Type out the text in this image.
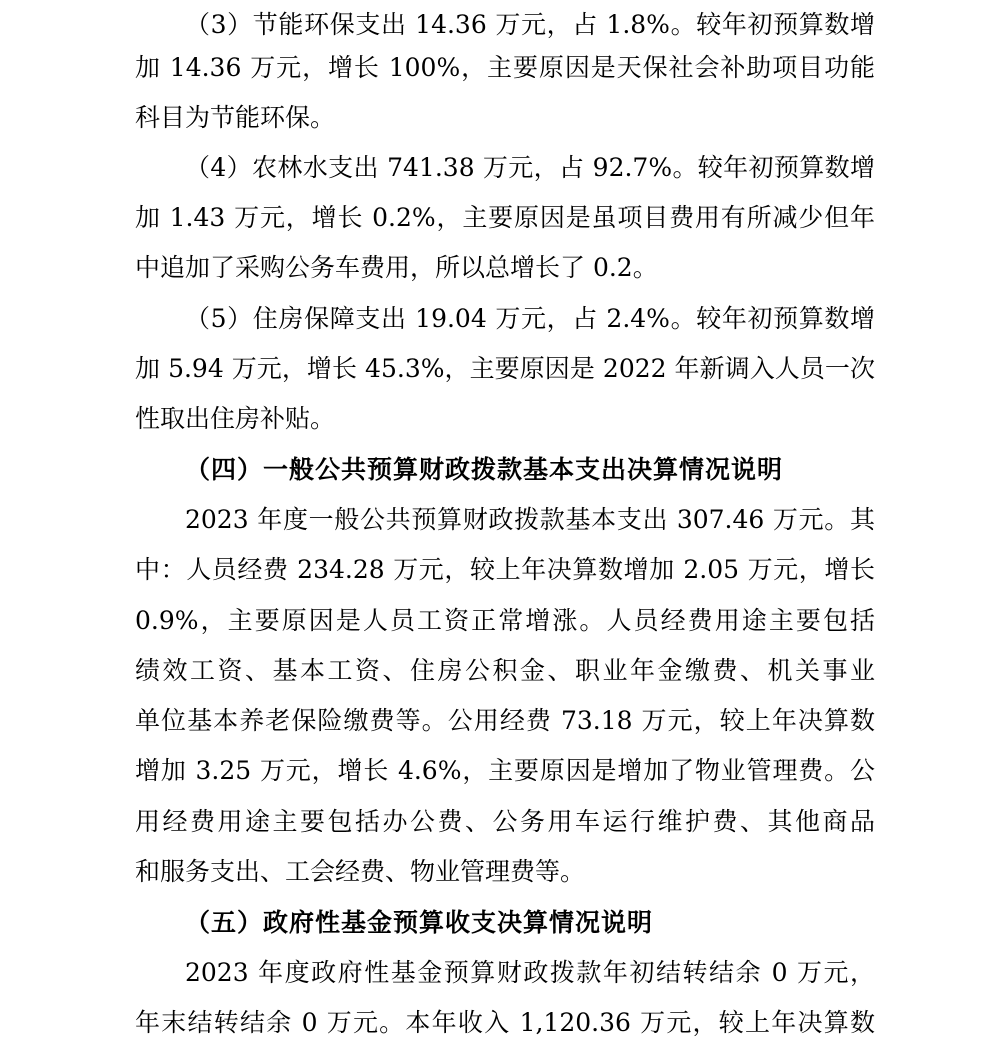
（3）节能环保支出 14.36 万元，占 1.8%。较年初预算数增
加 14.36 万元，增长 100%，主要原因是天保社会补助项目功能
科目为节能环保。
（4）农林水支出 741.38 万元，占 92.7%。较年初预算数增
加 1.43 万元，增长 0.2%，主要原因是虽项目费用有所减少但年
中追加了采购公务车费用，所以总增长了 0.2。
（5）住房保障支出 19.04 万元，占 2.4%。较年初预算数增
加 5.94 万元，增长 45.3%，主要原因是 2022 年新调入人员一次
性取出住房补贴。
（四）一般公共预算财政拨款基本支出决算情况说明
2023 年度一般公共预算财政拨款基本支出 307.46 万元。其
中：人员经费 234.28 万元，较上年决算数增加 2.05 万元，增长
0.9%，主要原因是人员工资正常增涨。人员经费用途主要包括
绩效工资、基本工资、住房公积金、职业年金缴费、机关事业
单位基本养老保险缴费等。公用经费 73.18 万元，较上年决算数
增加 3.25 万元，增长 4.6%，主要原因是增加了物业管理费。公
用经费用途主要包括办公费、公务用车运行维护费、其他商品
和服务支出、工会经费、物业管理费等。
（五）政府性基金预算收支决算情况说明
2023 年度政府性基金预算财政拨款年初结转结余 0 万元，
年末结转结余 0 万元。本年收入 1,120.36 万元，较上年决算数
